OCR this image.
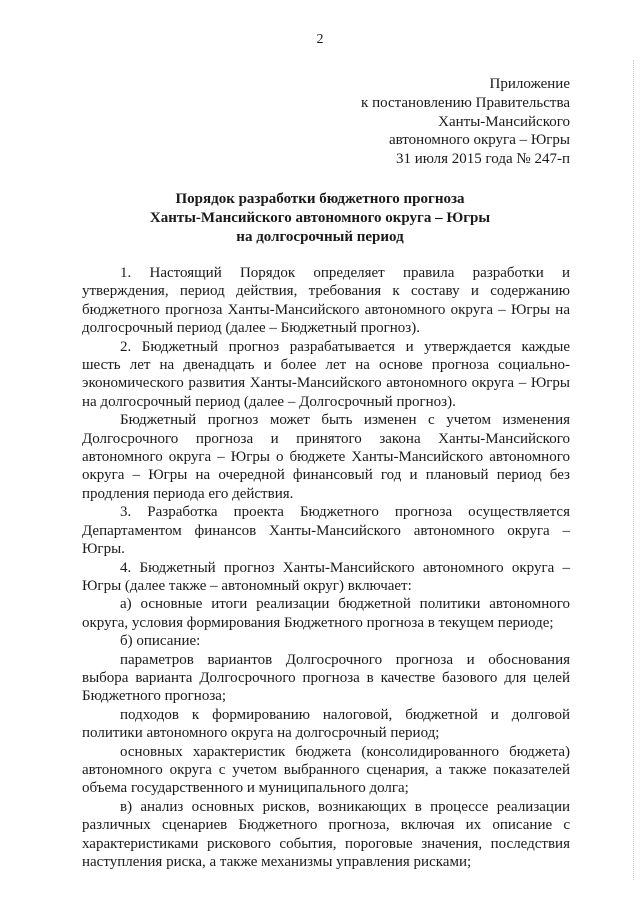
2
Приложение
к постановлению Правительства
Ханты-Мансийского
автономного округа – Югры
31 июля 2015 года № 247-п
Порядок разработки бюджетного прогноза
Ханты-Мансийского автономного округа – Югры
на долгосрочный период

1. Настоящий Порядок определяет правила разработки и утверждения, период действия, требования к составу и содержанию бюджетного прогноза Ханты-Мансийского автономного округа – Югры на долгосрочный период (далее – Бюджетный прогноз).

2. Бюджетный прогноз разрабатывается и утверждается каждые шесть лет на двенадцать и более лет на основе прогноза социально-экономического развития Ханты-Мансийского автономного округа – Югры на долгосрочный период (далее – Долгосрочный прогноз).

Бюджетный прогноз может быть изменен с учетом изменения Долгосрочного прогноза и принятого закона Ханты-Мансийского автономного округа – Югры о бюджете Ханты-Мансийского автономного округа – Югры на очередной финансовый год и плановый период без продления периода его действия.

3. Разработка проекта Бюджетного прогноза осуществляется Департаментом финансов Ханты-Мансийского автономного округа – Югры.

4. Бюджетный прогноз Ханты-Мансийского автономного округа – Югры (далее также – автономный округ) включает:

а) основные итоги реализации бюджетной политики автономного округа, условия формирования Бюджетного прогноза в текущем периоде;

б) описание:

параметров вариантов Долгосрочного прогноза и обоснования выбора варианта Долгосрочного прогноза в качестве базового для целей Бюджетного прогноза;

подходов к формированию налоговой, бюджетной и долговой политики автономного округа на долгосрочный период;

основных характеристик бюджета (консолидированного бюджета) автономного округа с учетом выбранного сценария, а также показателей объема государственного и муниципального долга;

в) анализ основных рисков, возникающих в процессе реализации различных сценариев Бюджетного прогноза, включая их описание с характеристиками рискового события, пороговые значения, последствия наступления риска, а также механизмы управления рисками;
